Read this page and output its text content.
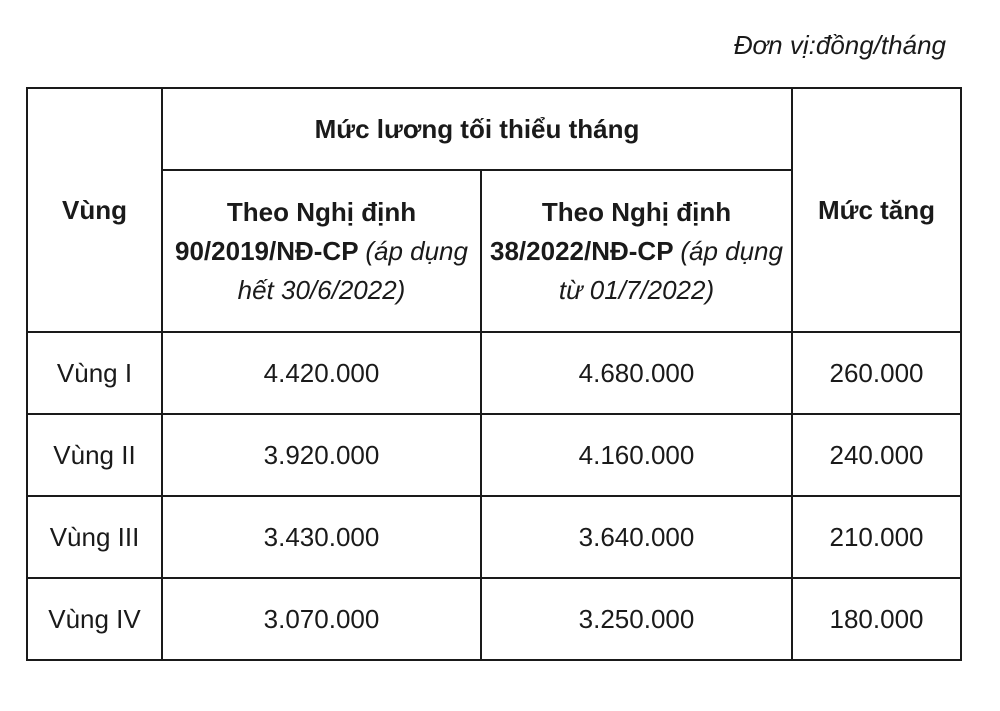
Đơn vị:đồng/tháng
Vùng	Mức lương tối thiểu tháng		Mức tăng
	Theo Nghị định 90/2019/NĐ-CP (áp dụng hết 30/6/2022)	Theo Nghị định 38/2022/NĐ-CP (áp dụng từ 01/7/2022)	
Vùng I	4.420.000	4.680.000	260.000
Vùng II	3.920.000	4.160.000	240.000
Vùng III	3.430.000	3.640.000	210.000
Vùng IV	3.070.000	3.250.000	180.000
